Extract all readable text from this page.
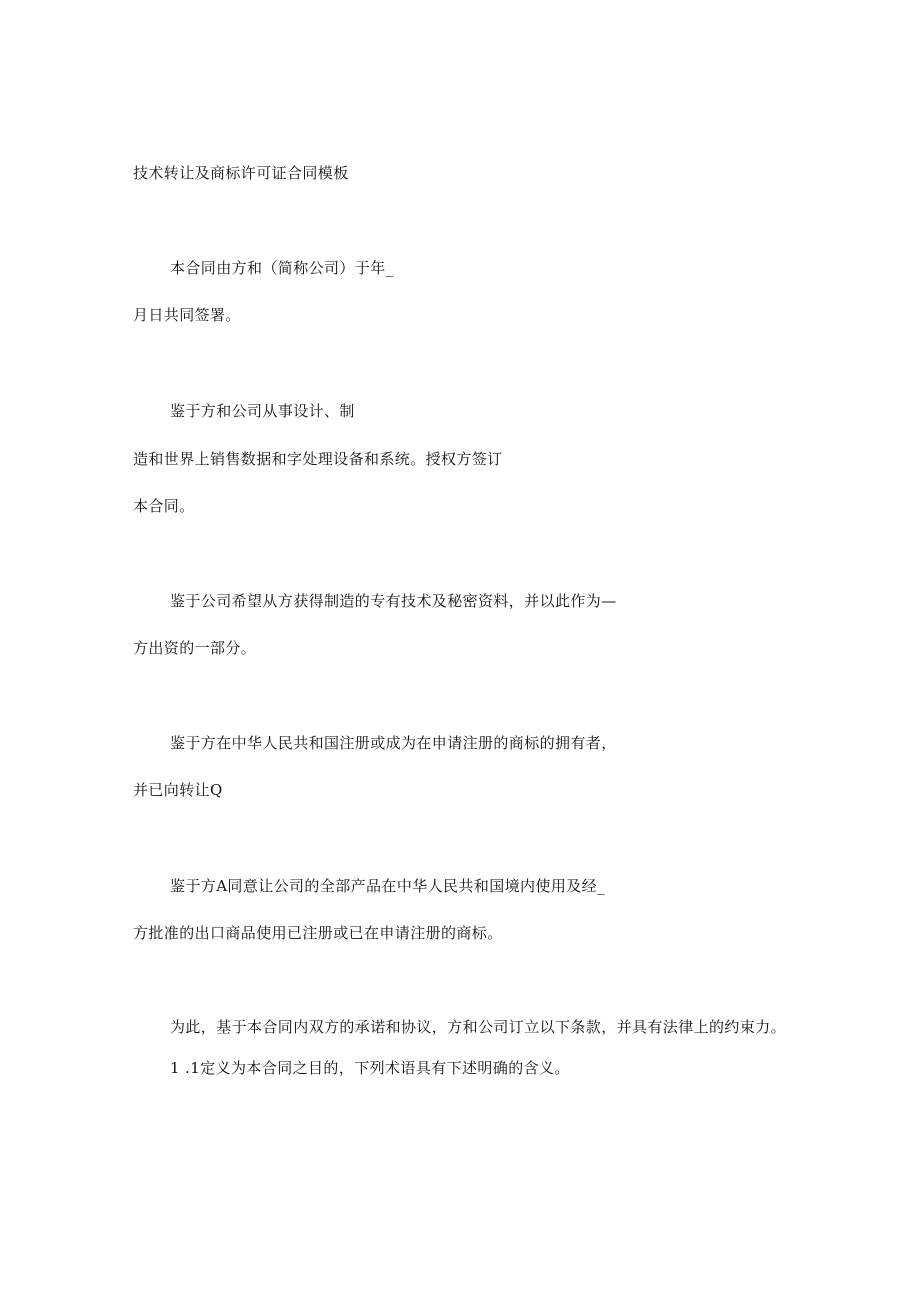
技术转让及商标许可证合同模板
本合同由方和（简称公司）于年_
月日共同签署。
鉴于方和公司从事设计、制
造和世界上销售数据和字处理设备和系统。授权方签订
本合同。
鉴于公司希望从方获得制造的专有技术及秘密资料，并以此作为—
方出资的一部分。
鉴于方在中华人民共和国注册或成为在申请注册的商标的拥有者，
并已向转让Q
鉴于方A同意让公司的全部产品在中华人民共和国境内使用及经_
方批准的出口商品使用已注册或已在申请注册的商标。
为此，基于本合同内双方的承诺和协议，方和公司订立以下条款，并具有法律上的约束力。
1 .1定义为本合同之目的，下列术语具有下述明确的含义。
